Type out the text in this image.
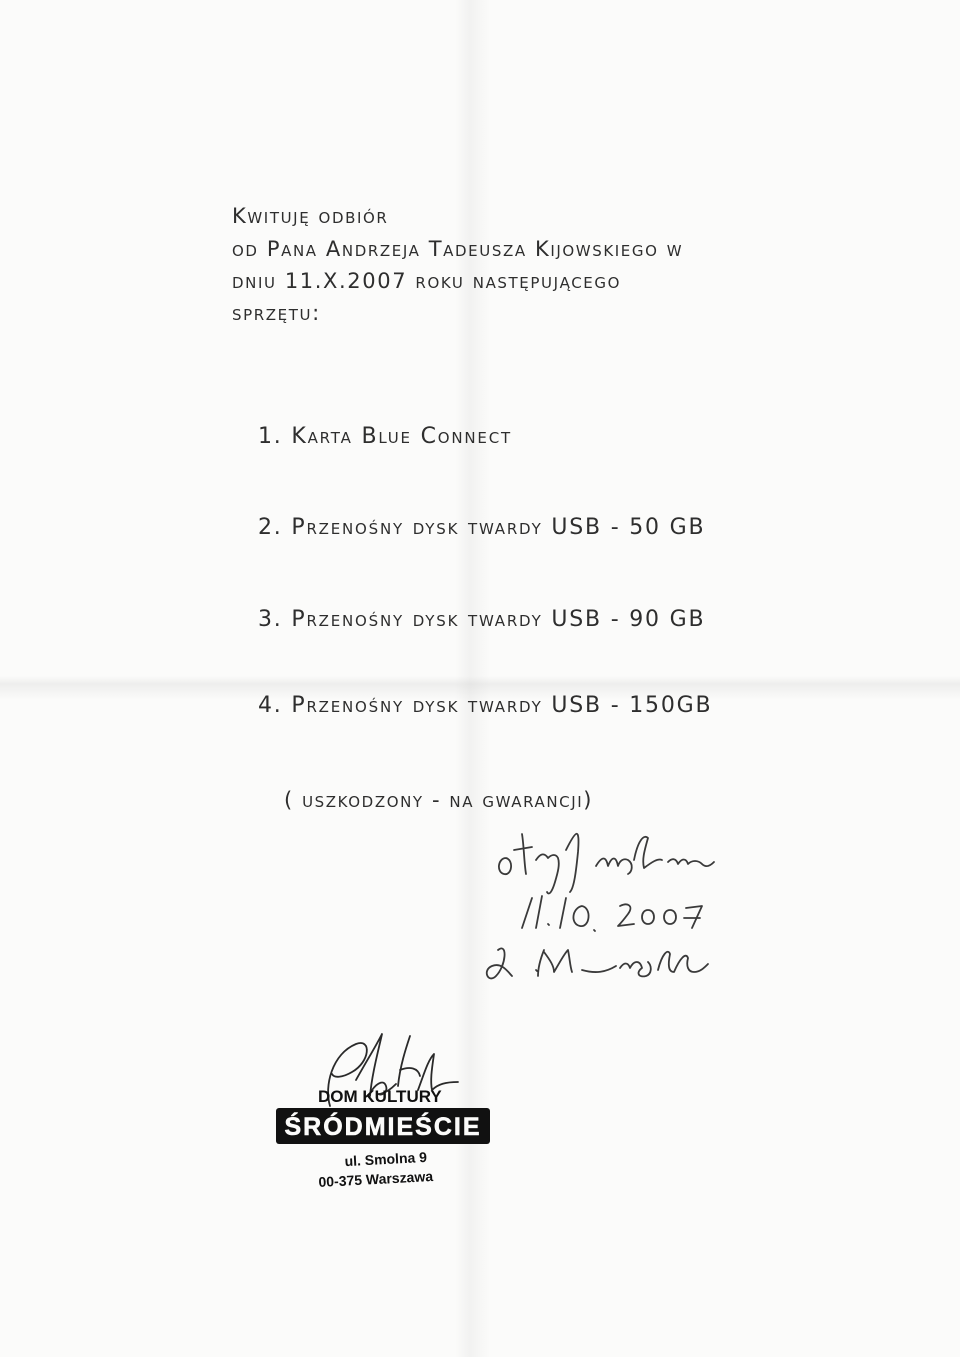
Kwituję odbiór

od Pana Andrzeja Tadeusza Kijowskiego w

dniu 11.X.2007 roku następującego

sprzętu:

1. Karta Blue Connect

2. Przenośny dysk twardy USB - 50 GB

3. Przenośny dysk twardy USB - 90 GB

4. Przenośny dysk twardy USB - 150GB

( uszkodzony - na gwarancji)

DOM KULTURY
ŚRÓDMIEŚCIE
ul. Smolna 9
00-375 Warszawa
